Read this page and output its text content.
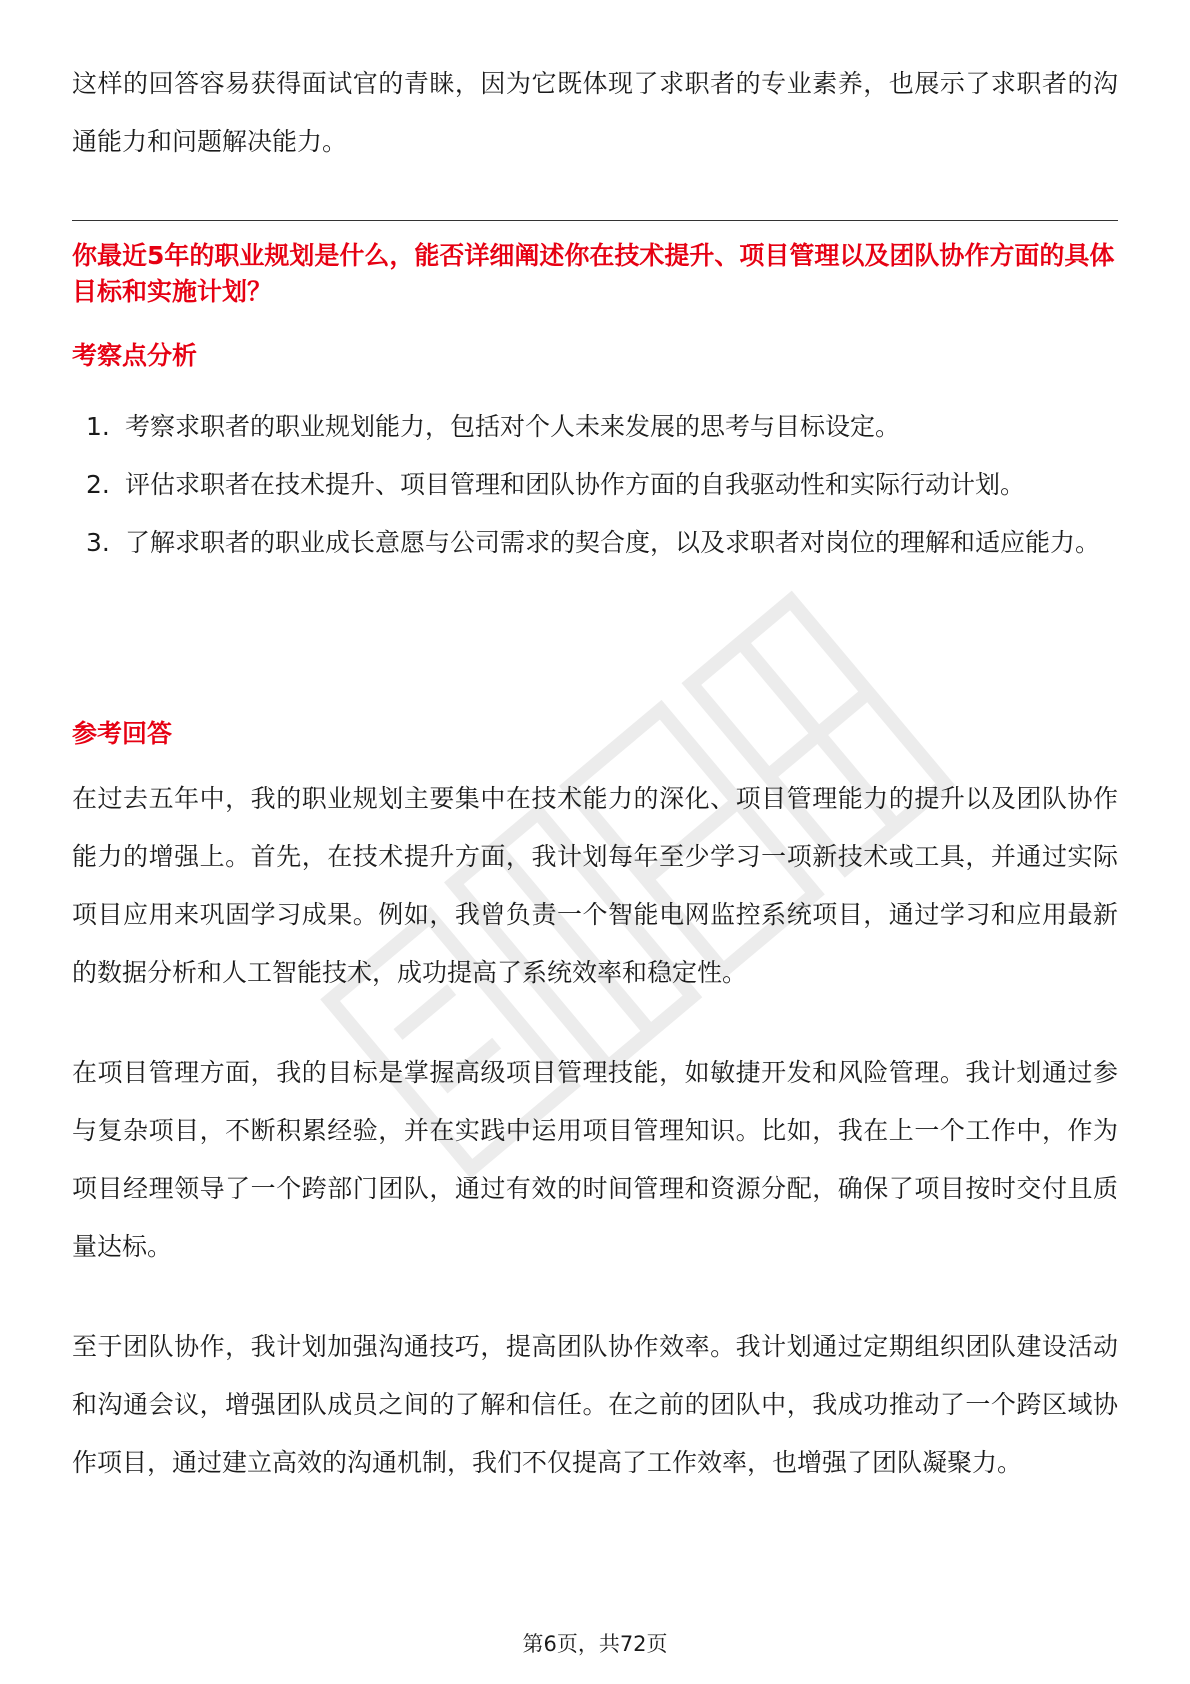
这样的回答容易获得面试官的青睐，因为它既体现了求职者的专业素养，也展示了求职者的沟通能力和问题解决能力。

你最近5年的职业规划是什么，能否详细阐述你在技术提升、项目管理以及团队协作方面的具体目标和实施计划？

考察点分析

1. 考察求职者的职业规划能力，包括对个人未来发展的思考与目标设定。
2. 评估求职者在技术提升、项目管理和团队协作方面的自我驱动性和实际行动计划。
3. 了解求职者的职业成长意愿与公司需求的契合度，以及求职者对岗位的理解和适应能力。

参考回答

在过去五年中，我的职业规划主要集中在技术能力的深化、项目管理能力的提升以及团队协作能力的增强上。首先，在技术提升方面，我计划每年至少学习一项新技术或工具，并通过实际项目应用来巩固学习成果。例如，我曾负责一个智能电网监控系统项目，通过学习和应用最新的数据分析和人工智能技术，成功提高了系统效率和稳定性。

在项目管理方面，我的目标是掌握高级项目管理技能，如敏捷开发和风险管理。我计划通过参与复杂项目，不断积累经验，并在实践中运用项目管理知识。比如，我在上一个工作中，作为项目经理领导了一个跨部门团队，通过有效的时间管理和资源分配，确保了项目按时交付且质量达标。

至于团队协作，我计划加强沟通技巧，提高团队协作效率。我计划通过定期组织团队建设活动和沟通会议，增强团队成员之间的了解和信任。在之前的团队中，我成功推动了一个跨区域协作项目，通过建立高效的沟通机制，我们不仅提高了工作效率，也增强了团队凝聚力。

第6页，共72页
